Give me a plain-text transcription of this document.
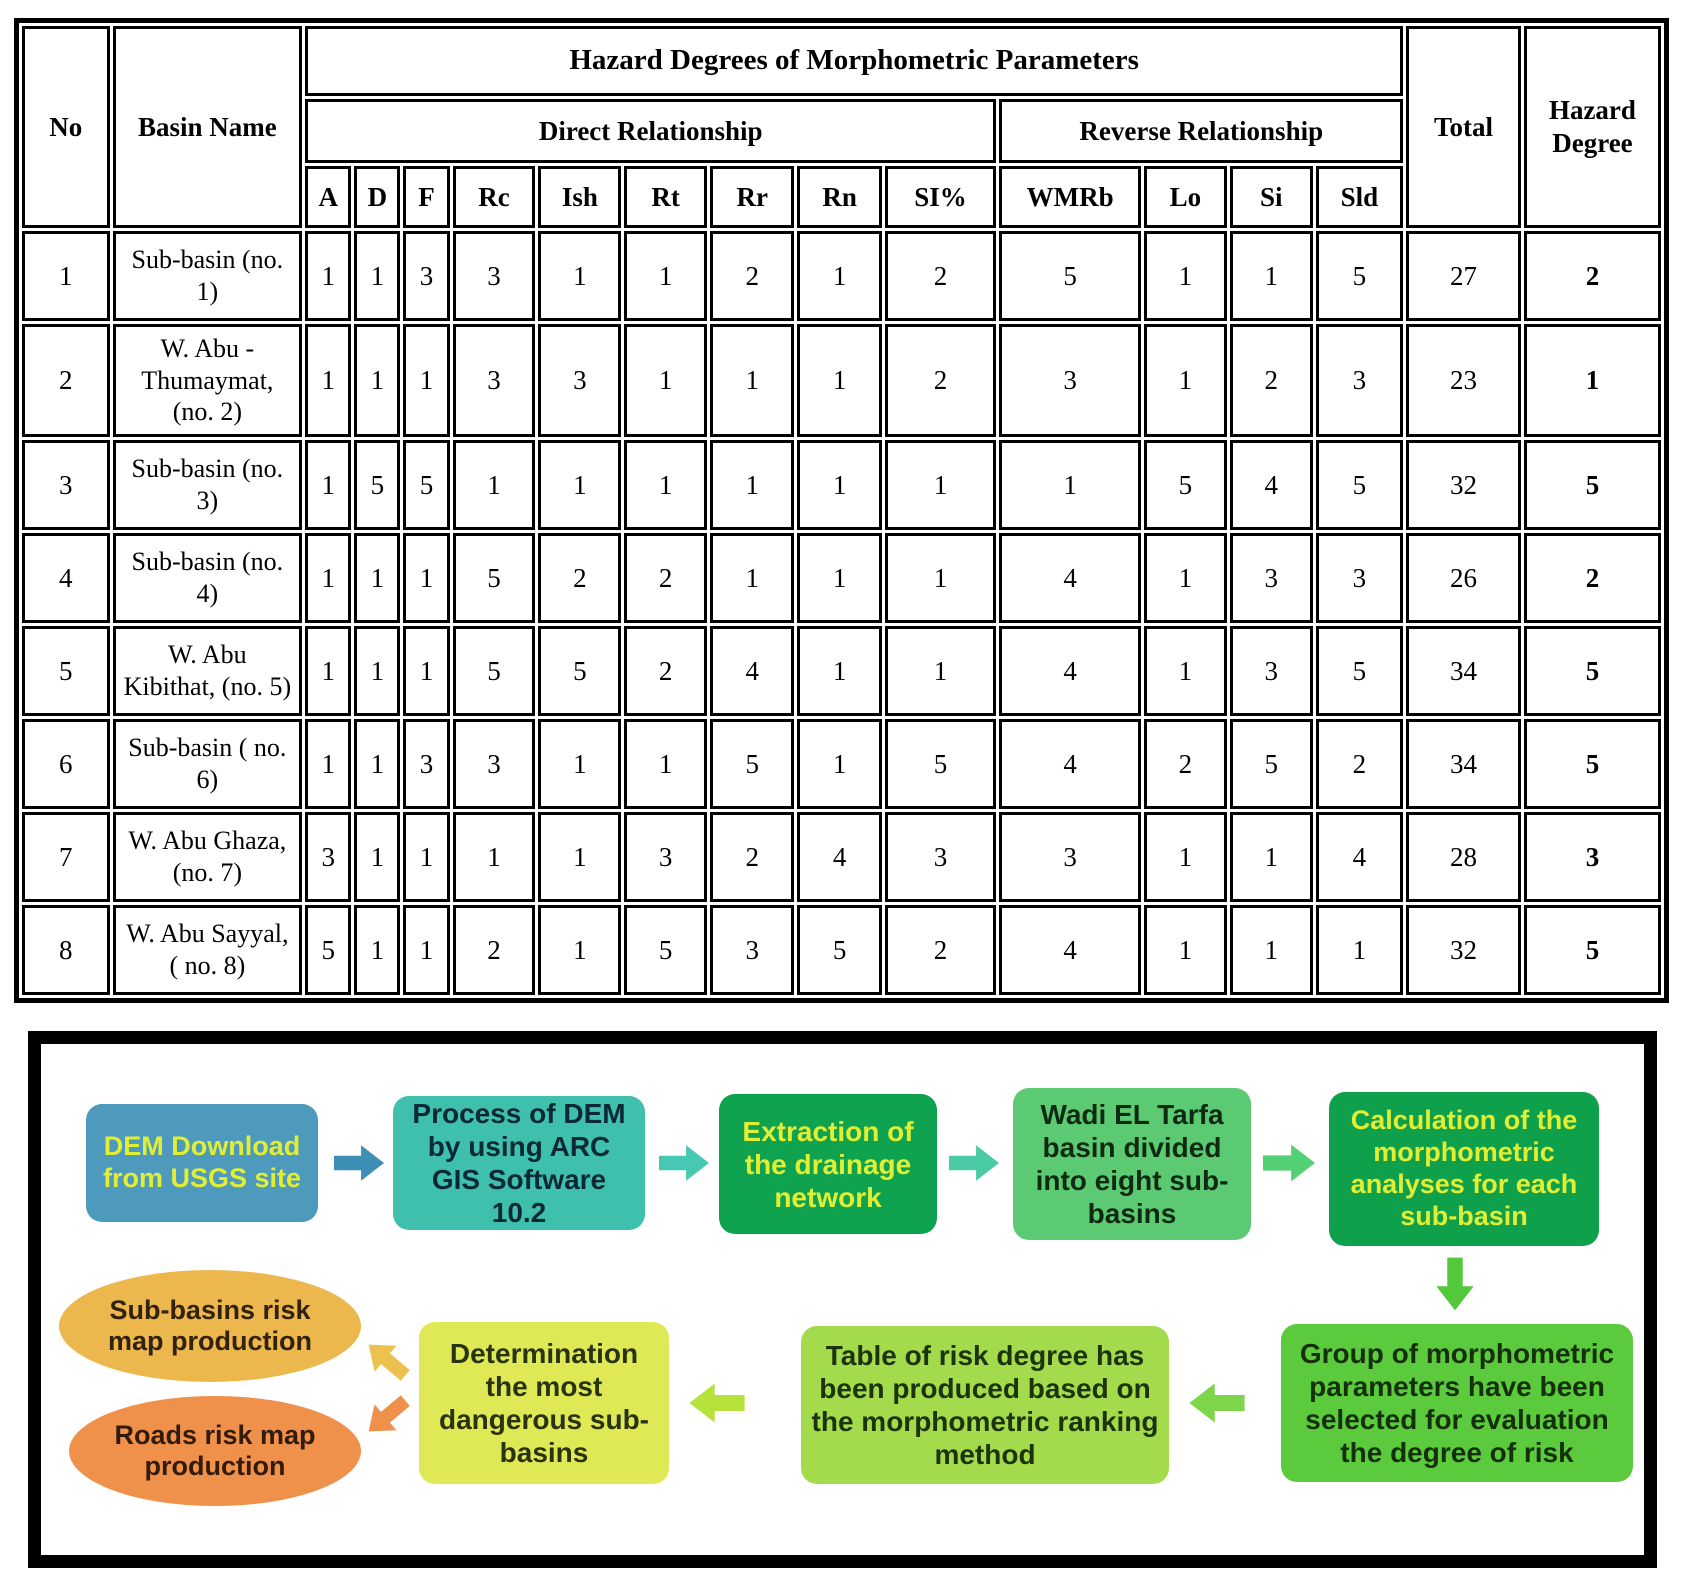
No	Basin Name	Hazard Degrees of Morphometric Parameters													Total	Hazard Degree
		Direct Relationship									Reverse Relationship					
		A	D	F	Rc	Ish	Rt	Rr	Rn	SI%	WMRb	Lo	Si	Sld		
1	Sub-basin (no. 1)	1	1	3	3	1	1	2	1	2	5	1	1	5	27	2
2	W. Abu - Thumaymat, (no. 2)	1	1	1	3	3	1	1	1	2	3	1	2	3	23	1
3	Sub-basin (no. 3)	1	5	5	1	1	1	1	1	1	1	5	4	5	32	5
4	Sub-basin (no. 4)	1	1	1	5	2	2	1	1	1	4	1	3	3	26	2
5	W. Abu Kibithat, (no. 5)	1	1	1	5	5	2	4	1	1	4	1	3	5	34	5
6	Sub-basin ( no. 6)	1	1	3	3	1	1	5	1	5	4	2	5	2	34	5
7	W. Abu Ghaza, (no. 7)	3	1	1	1	1	3	2	4	3	3	1	1	4	28	3
8	W. Abu Sayyal, ( no. 8)	5	1	1	2	1	5	3	5	2	4	1	1	1	32	5
DEM Download from USGS site
Process of DEM by using ARC GIS Software 10.2
Extraction of the drainage network
Wadi EL Tarfa basin divided into eight sub-basins
Calculation of the morphometric analyses for each sub-basin
Group of morphometric parameters have been selected for evaluation the degree of risk
Table of risk degree has been produced based on the morphometric ranking method
Determination the most dangerous sub-basins
Sub-basins risk map production
Roads risk map production
